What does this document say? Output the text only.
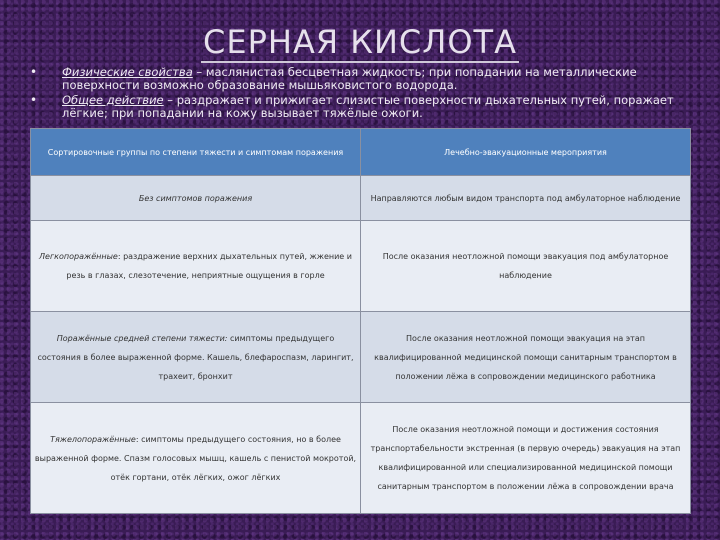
СЕРНАЯ КИСЛОТА
• Физические свойства – маслянистая бесцветная жидкость; при попадании на металлические поверхности возможно образование мышьяковистого водорода.
• Общее действие – раздражает и прижигает слизистые поверхности дыхательных путей, поражает лёгкие; при попадании на кожу вызывает тяжёлые ожоги.
Сортировочные группы по степени тяжести и симптомам поражения	Лечебно-эвакуационные мероприятия
Без симптомов поражения	Направляются любым видом транспорта под амбулаторное наблюдение
Легкопоражённые: раздражение верхних дыхательных путей, жжение и резь в глазах, слезотечение, неприятные ощущения в горле	После оказания неотложной помощи эвакуация под амбулаторное наблюдение
Поражённые средней степени тяжести: симптомы предыдущего состояния в более выраженной форме. Кашель, блефароспазм, ларингит, трахеит, бронхит	После оказания неотложной помощи эвакуация на этап квалифицированной медицинской помощи санитарным транспортом в положении лёжа в сопровождении медицинского работника
Тяжелопоражённые: симптомы предыдущего состояния, но в более выраженной форме. Спазм голосовых мышц, кашель с пенистой мокротой, отёк гортани, отёк лёгких, ожог лёгких	После оказания неотложной помощи и достижения состояния транспортабельности экстренная (в первую очередь) эвакуация на этап квалифицированной или специализированной медицинской помощи санитарным транспортом в положении лёжа в сопровождении врача
